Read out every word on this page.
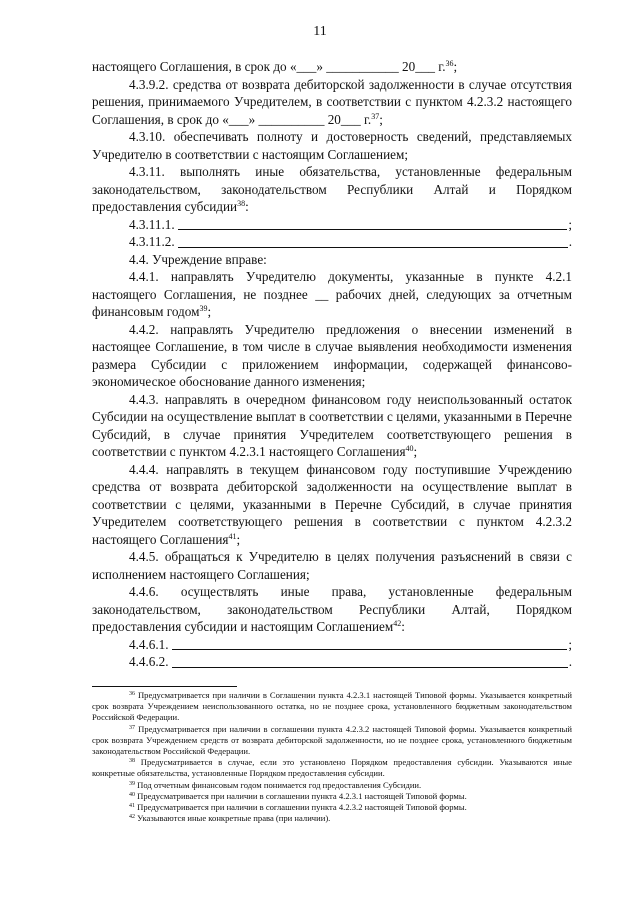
11

настоящего Соглашения, в срок до «___» ___________ 20___ г.$^{36}$;

4.3.9.2. средства от возврата дебиторской задолженности в случае отсутствия решения, принимаемого Учредителем, в соответствии с пунктом 4.2.3.2 настоящего Соглашения, в срок до «___» __________ 20___ г.$^{37}$;

4.3.10. обеспечивать полноту и достоверность сведений, представляемых Учредителю в соответствии с настоящим Соглашением;

4.3.11. выполнять иные обязательства, установленные федеральным законодательством, законодательством Республики Алтай и Порядком предоставления субсидии$^{38}$:

4.3.11.1.	;
4.3.11.2.	.

4.4. Учреждение вправе:

4.4.1. направлять Учредителю документы, указанные в пункте 4.2.1 настоящего Соглашения, не позднее __ рабочих дней, следующих за отчетным финансовым годом$^{39}$;

4.4.2. направлять Учредителю предложения о внесении изменений в настоящее Соглашение, в том числе в случае выявления необходимости изменения размера Субсидии с приложением информации, содержащей финансово-экономическое обоснование данного изменения;

4.4.3. направлять в очередном финансовом году неиспользованный остаток Субсидии на осуществление выплат в соответствии с целями, указанными в Перечне Субсидий, в случае принятия Учредителем соответствующего решения в соответствии с пунктом 4.2.3.1 настоящего Соглашения$^{40}$;

4.4.4. направлять в текущем финансовом году поступившие Учреждению средства от возврата дебиторской задолженности на осуществление выплат в соответствии с целями, указанными в Перечне Субсидий, в случае принятия Учредителем соответствующего решения в соответствии с пунктом 4.2.3.2 настоящего Соглашения$^{41}$;

4.4.5. обращаться к Учредителю в целях получения разъяснений в связи с исполнением настоящего Соглашения;

4.4.6. осуществлять иные права, установленные федеральным законодательством, законодательством Республики Алтай, Порядком предоставления субсидии и настоящим Соглашением$^{42}$:

4.4.6.1.	;
4.4.6.2.	.

$^{36}$ Предусматривается при наличии в Соглашении пункта 4.2.3.1 настоящей Типовой формы. Указывается конкретный срок возврата Учреждением неиспользованного остатка, но не позднее срока, установленного бюджетным законодательством Российской Федерации.

$^{37}$ Предусматривается при наличии в соглашении пункта 4.2.3.2 настоящей Типовой формы. Указывается конкретный срок возврата Учреждением средств от возврата дебиторской задолженности, но не позднее срока, установленного бюджетным законодательством Российской Федерации.

$^{38}$ Предусматривается в случае, если это установлено Порядком предоставления субсидии. Указываются иные конкретные обязательства, установленные Порядком предоставления субсидии.

$^{39}$ Под отчетным финансовым годом понимается год предоставления Субсидии.

$^{40}$ Предусматривается при наличии в соглашении пункта 4.2.3.1 настоящей Типовой формы.

$^{41}$ Предусматривается при наличии в соглашении пункта 4.2.3.2 настоящей Типовой формы.

$^{42}$ Указываются иные конкретные права (при наличии).
